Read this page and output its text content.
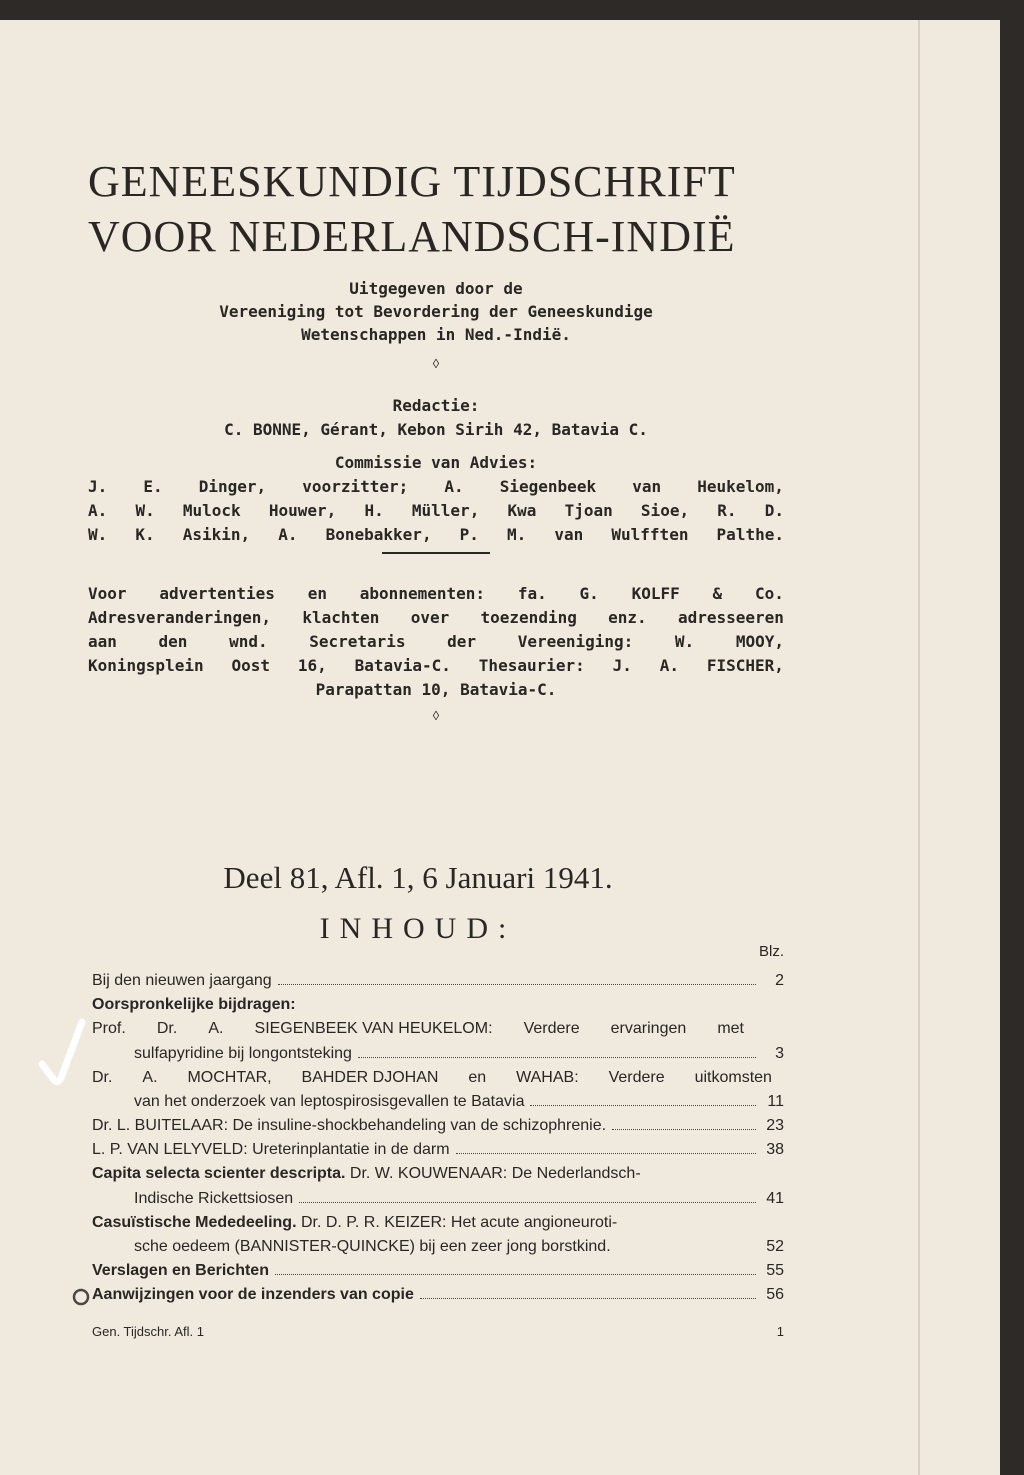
GENEESKUNDIG TIJDSCHRIFT
VOOR NEDERLANDSCH-INDIË
Uitgegeven door de
Vereeniging tot Bevordering der Geneeskundige
Wetenschappen in Ned.-Indië.
◊
Redactie:
C. BONNE, Gérant, Kebon Sirih 42, Batavia C.
Commissie van Advies:
J. E. Dinger, voorzitter; A. Siegenbeek van Heukelom,
A. W. Mulock Houwer, H. Müller, Kwa Tjoan Sioe, R. D.
W. K. Asikin, A. Bonebakker, P. M. van Wulfften Palthe.
Voor advertenties en abonnementen: fa. G. KOLFF & Co.
Adresveranderingen, klachten over toezending enz. adresseeren
aan	den	wnd.	Secretaris	der	Vereeniging:	W.	MOOY,
Koningsplein Oost 16, Batavia-C. Thesaurier: J. A. FISCHER,
Parapattan 10, Batavia-C.
◊
Deel 81, Afl. 1, 6 Januari 1941.
INHOUD:
Blz.
Bij den nieuwen jaargang	2
Oorspronkelijke bijdragen:
Prof. Dr. A. SIEGENBEEK VAN HEUKELOM: Verdere ervaringen met
sulfapyridine bij longontsteking	3
Dr. A. MOCHTAR, BAHDER DJOHAN en WAHAB: Verdere uitkomsten
van het onderzoek van leptospirosisgevallen te Batavia	11
Dr. L. BUITELAAR: De insuline-shockbehandeling van de schizophrenie.	23
L. P. VAN LELYVELD: Ureterinplantatie in de darm	38
Capita selecta scienter descripta. Dr. W. KOUWENAAR: De Nederlandsch-
Indische Rickettsiosen	41
Casuïstische Mededeeling. Dr. D. P. R. KEIZER: Het acute angioneuroti-
sche oedeem (BANNISTER-QUINCKE) bij een zeer jong borstkind.	52
Verslagen en Berichten	55
Aanwijzingen voor de inzenders van copie	56
Gen. Tijdschr. Afl. 1	1
